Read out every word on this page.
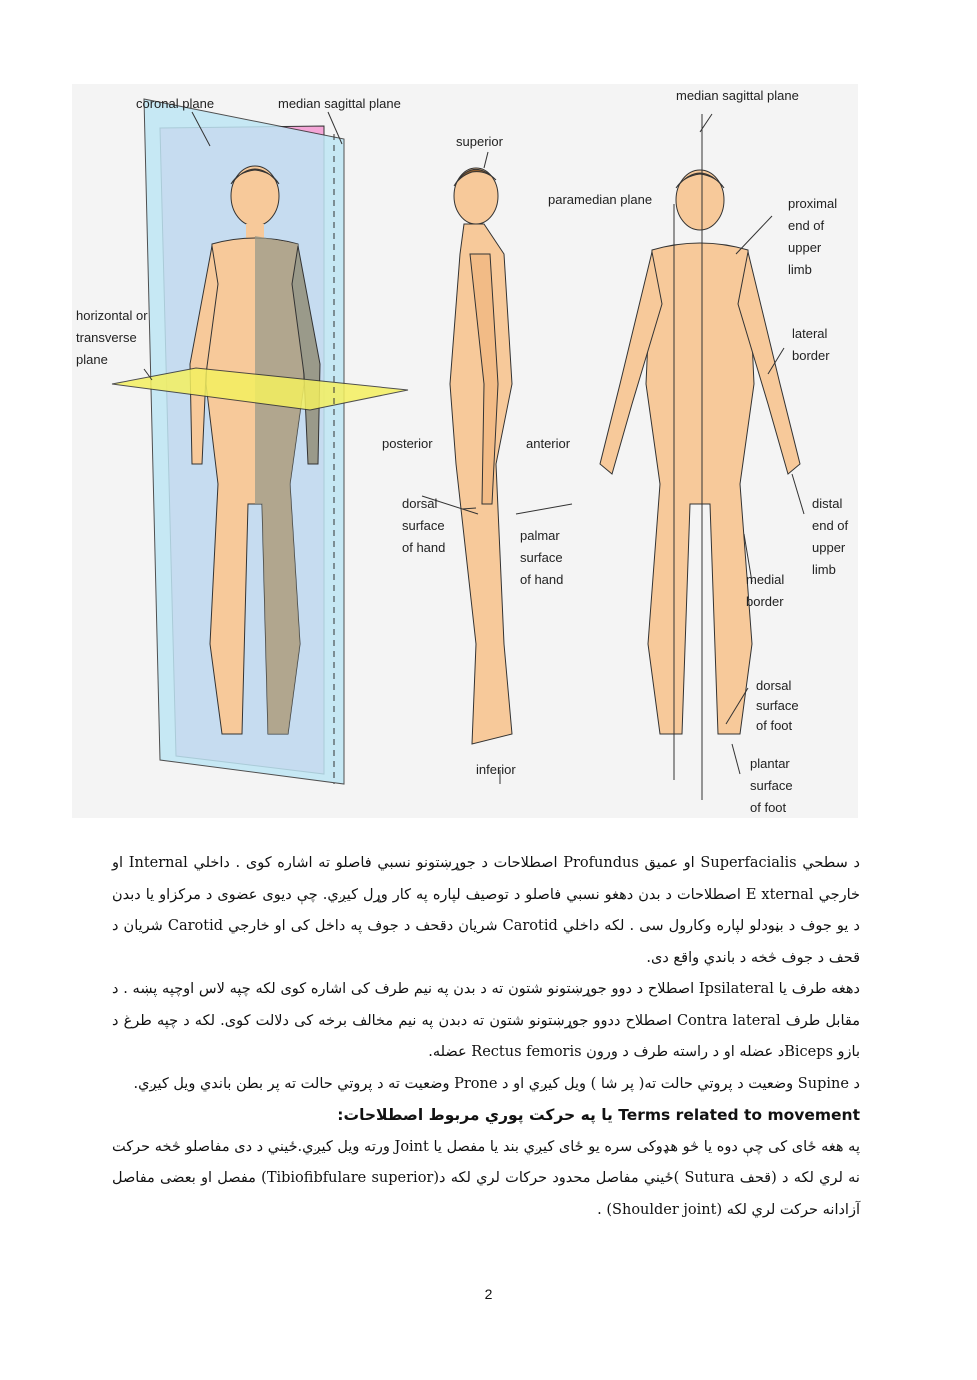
coronal plane	median sagittal plane
horizontal or
transverse
plane
superior
inferior
posterior	anterior
dorsal
surface
of hand
palmar
surface
of hand
median sagittal plane
paramedian plane	proximal
end of
upper
limb
lateral
border
distal
end of
upper
limb
medial
border
dorsal
surface
of foot
plantar
surface
of foot

د سطحي Superfacialis او عميق Profundus اصطلاحات د جوړښتونو نسبي فاصلو ته اشاره کوی . داخلي Internal او خارجي E xternal اصطلاحات د بدن دهغو نسبي فاصلو د توصيف لپاره په کار وړل کيږي. چې ديوی عضوی د مرکزاو يا دبدن د يو جوف د بڼودلو لپاره وکارول سی . لکه داخلي Carotid شريان دقحف د جوف په داخل کی او خارجي Carotid شريان د قحف د جوف څخه د باندي واقع دی.

دهغه طرف يا Ipsilateral اصطلاح د دوو جوړښتونو شتون ته د بدن په نيم طرف کی اشاره کوی لکه چپه لاس اوچپه پښه . د مقابل طرف Contra lateral اصطلاح ددوو جوړښتونو شتون ته دبدن په نيم مخالف برخه کی دلالت کوی. لکه د چپه طرغ د بازو Bicepsد عضله او د راسته طرف د ورون Rectus femoris عضله.

د Supine وضعيت د پروتي حالت ته( پر شا ) ويل کيږي او د Prone وضعيت ته د پروتي حالت ته پر بطن باندي ويل کيږي.

Terms related to movement يا په حرکت پوري مربوط اصطلاحات:

په هغه ځای کی چې دوه يا څو هډوکی سره يو ځای کيږي بند يا مفصل يا Joint ورته ويل کيږي.ځيني د دی مفاصلو څخه حرکت نه لري لکه د (قحف Sutura )ځيني مفاصل محدود حرکات لري لکه د(Tibiofibfulare superior) مفصل او بعضی مفاصل آزادانه حرکت لري لکه (Shoulder joint) .

2
